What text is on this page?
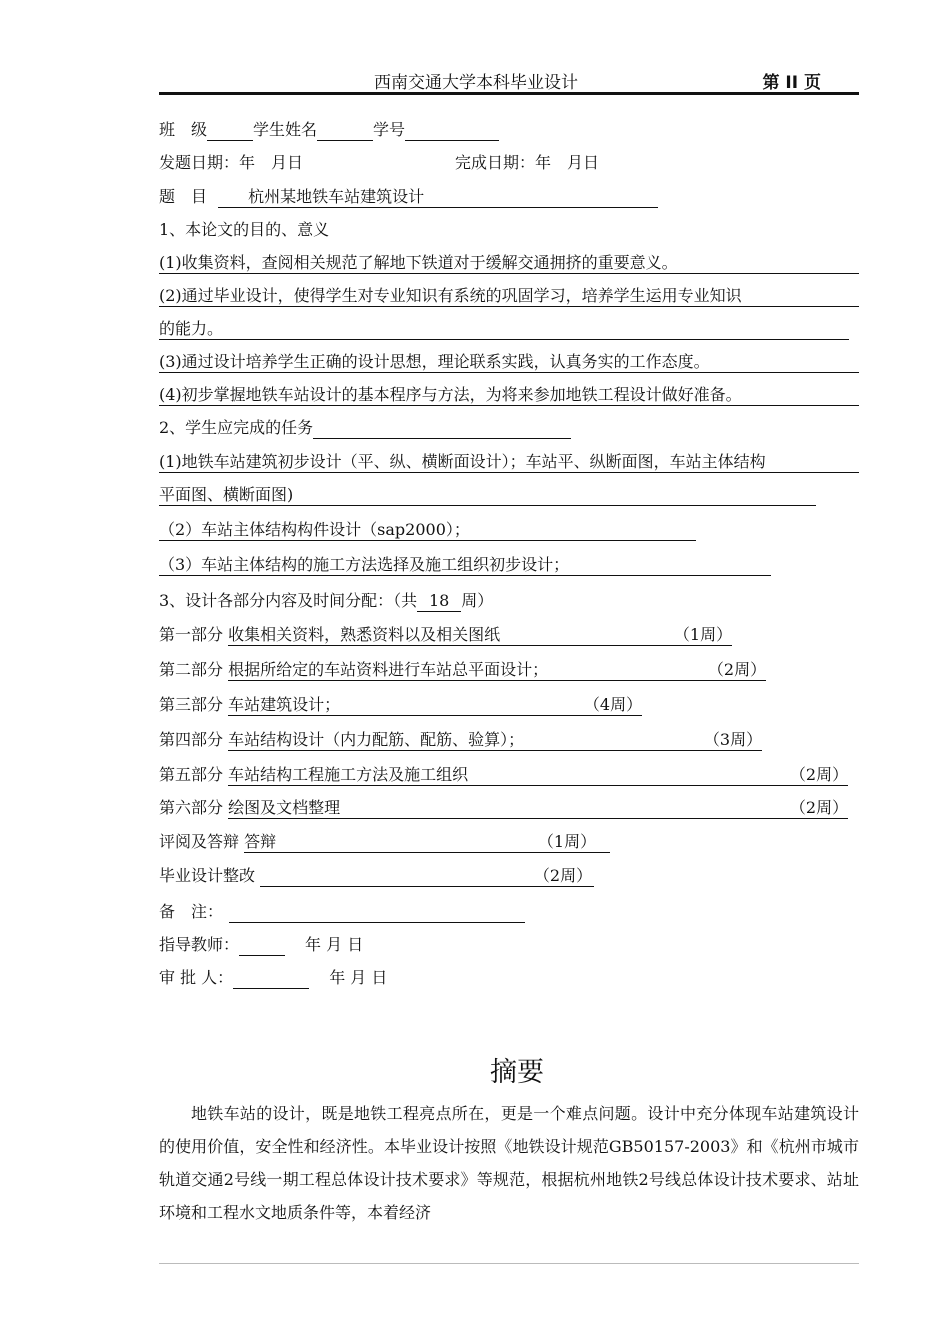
西南交通大学本科毕业设计	第 II 页
班　级	学生姓名	学号
发题日期：年　月日	完成日期：年　月日
题　目	杭州某地铁车站建筑设计
1、本论文的目的、意义
(1)收集资料，查阅相关规范了解地下铁道对于缓解交通拥挤的重要意义。
(2)通过毕业设计，使得学生对专业知识有系统的巩固学习，培养学生运用专业知识
的能力。
(3)通过设计培养学生正确的设计思想，理论联系实践，认真务实的工作态度。
(4)初步掌握地铁车站设计的基本程序与方法，为将来参加地铁工程设计做好准备。
2、学生应完成的任务
(1)地铁车站建筑初步设计（平、纵、横断面设计）；车站平、纵断面图，车站主体结构
平面图、横断面图)
（2）车站主体结构构件设计（sap2000）；
（3）车站主体结构的施工方法选择及施工组织初步设计；
3、设计各部分内容及时间分配：（共 18 周）
第一部分 收集相关资料，熟悉资料以及相关图纸	（1周）
第二部分 根据所给定的车站资料进行车站总平面设计；	（2周）
第三部分 车站建筑设计；	（4周）
第四部分 车站结构设计（内力配筋、配筋、验算）；	（3周）
第五部分 车站结构工程施工方法及施工组织	（2周）
第六部分 绘图及文档整理	（2周）
评阅及答辩 答辩	（1周）
毕业设计整改	（2周）
备　注：
指导教师：	年 月 日
审 批 人：	年 月 日
摘要
地铁车站的设计，既是地铁工程亮点所在，更是一个难点问题。设计中充分体现车站建筑设计的使用价值，安全性和经济性。本毕业设计按照《地铁设计规范GB50157-2003》和《杭州市城市轨道交通2号线一期工程总体设计技术要求》等规范，根据杭州地铁2号线总体设计技术要求、站址环境和工程水文地质条件等，本着经济
